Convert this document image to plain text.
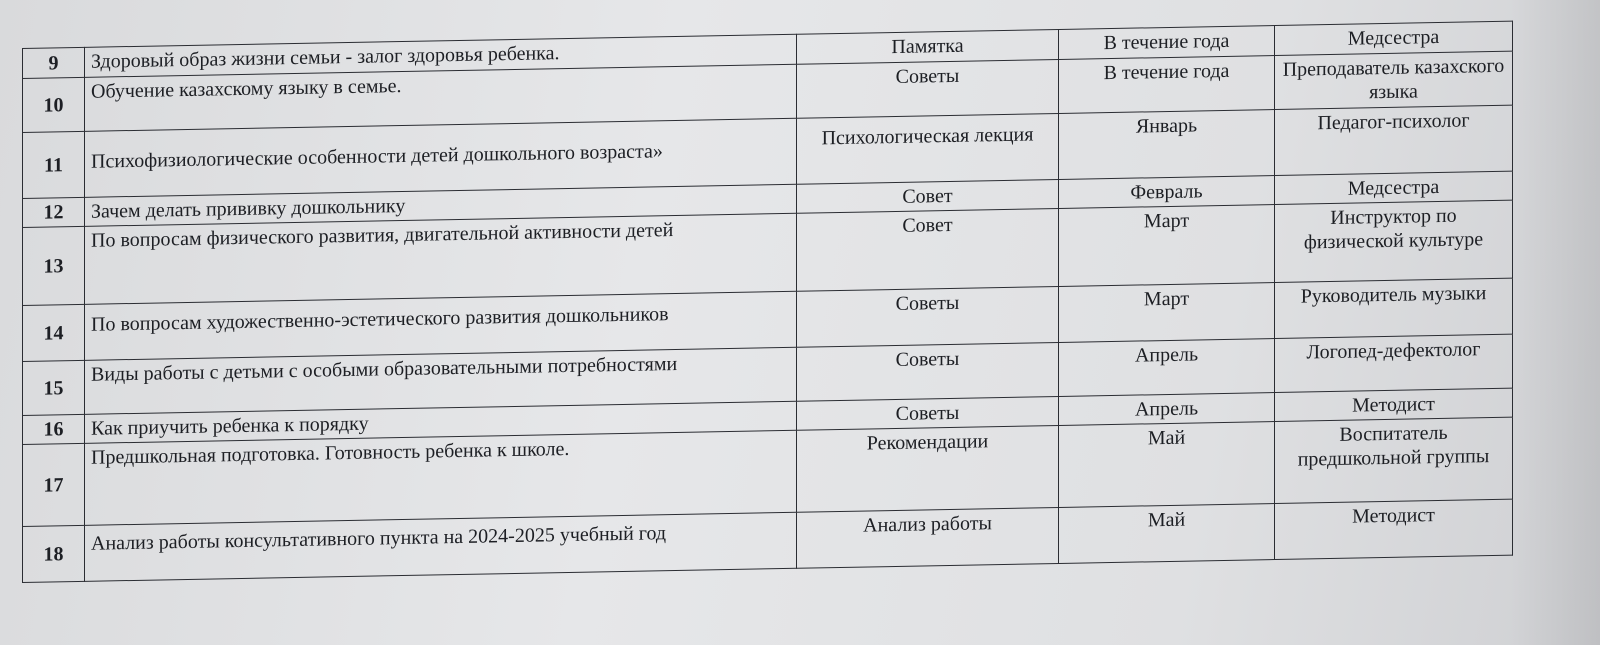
9	Здоровый образ жизни семьи - залог здоровья ребенка.	Памятка	В течение года	Медсестра
10	Обучение казахскому языку в семье.	Советы	В течение года	Преподаватель казахского языка
11	Психофизиологические особенности детей дошкольного возраста»	Психологическая лекция	Январь	Педагог-психолог
12	Зачем делать прививку дошкольнику	Совет	Февраль	Медсестра
13	По вопросам физического развития, двигательной активности детей	Совет	Март	Инструктор по физической культуре
14	По вопросам художественно-эстетического развития дошкольников	Советы	Март	Руководитель музыки
15	Виды работы с детьми с особыми образовательными потребностями	Советы	Апрель	Логопед-дефектолог
16	Как приучить ребенка к порядку	Советы	Апрель	Методист
17	Предшкольная подготовка. Готовность ребенка к школе.	Рекомендации	Май	Воспитатель предшкольной группы
18	Анализ работы консультативного пункта на 2024-2025 учебный год	Анализ работы	Май	Методист
